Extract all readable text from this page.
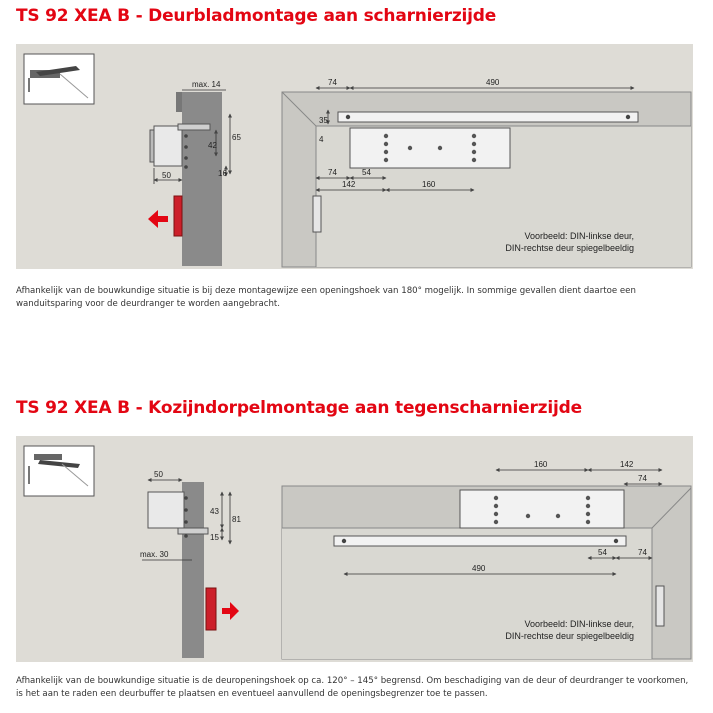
TS 92 XEA B - Deurbladmontage aan scharnierzijde
max. 14
65
42
16
50
74	490
35
4
74	54
142	160
Voorbeeld: DIN-linkse deur,
DIN-rechtse deur spiegelbeeldig

Afhankelijk van de bouwkundige situatie is bij deze montagewijze een openingshoek van 180° mogelijk. In sommige gevallen dient daartoe een wanduitsparing voor de deurdranger te worden aangebracht.

TS 92 XEA B - Kozijndorpelmontage aan tegenscharnierzijde
50
43
81
15
max. 30
160	142
74
54	74
490
Voorbeeld: DIN-linkse deur,
DIN-rechtse deur spiegelbeeldig

Afhankelijk van de bouwkundige situatie is de deuropeningshoek op ca. 120° – 145° begrensd. Om beschadiging van de deur of deurdranger te voorkomen, is het aan te raden een deurbuffer te plaatsen en eventueel aanvullend de openingsbegrenzer toe te passen.
